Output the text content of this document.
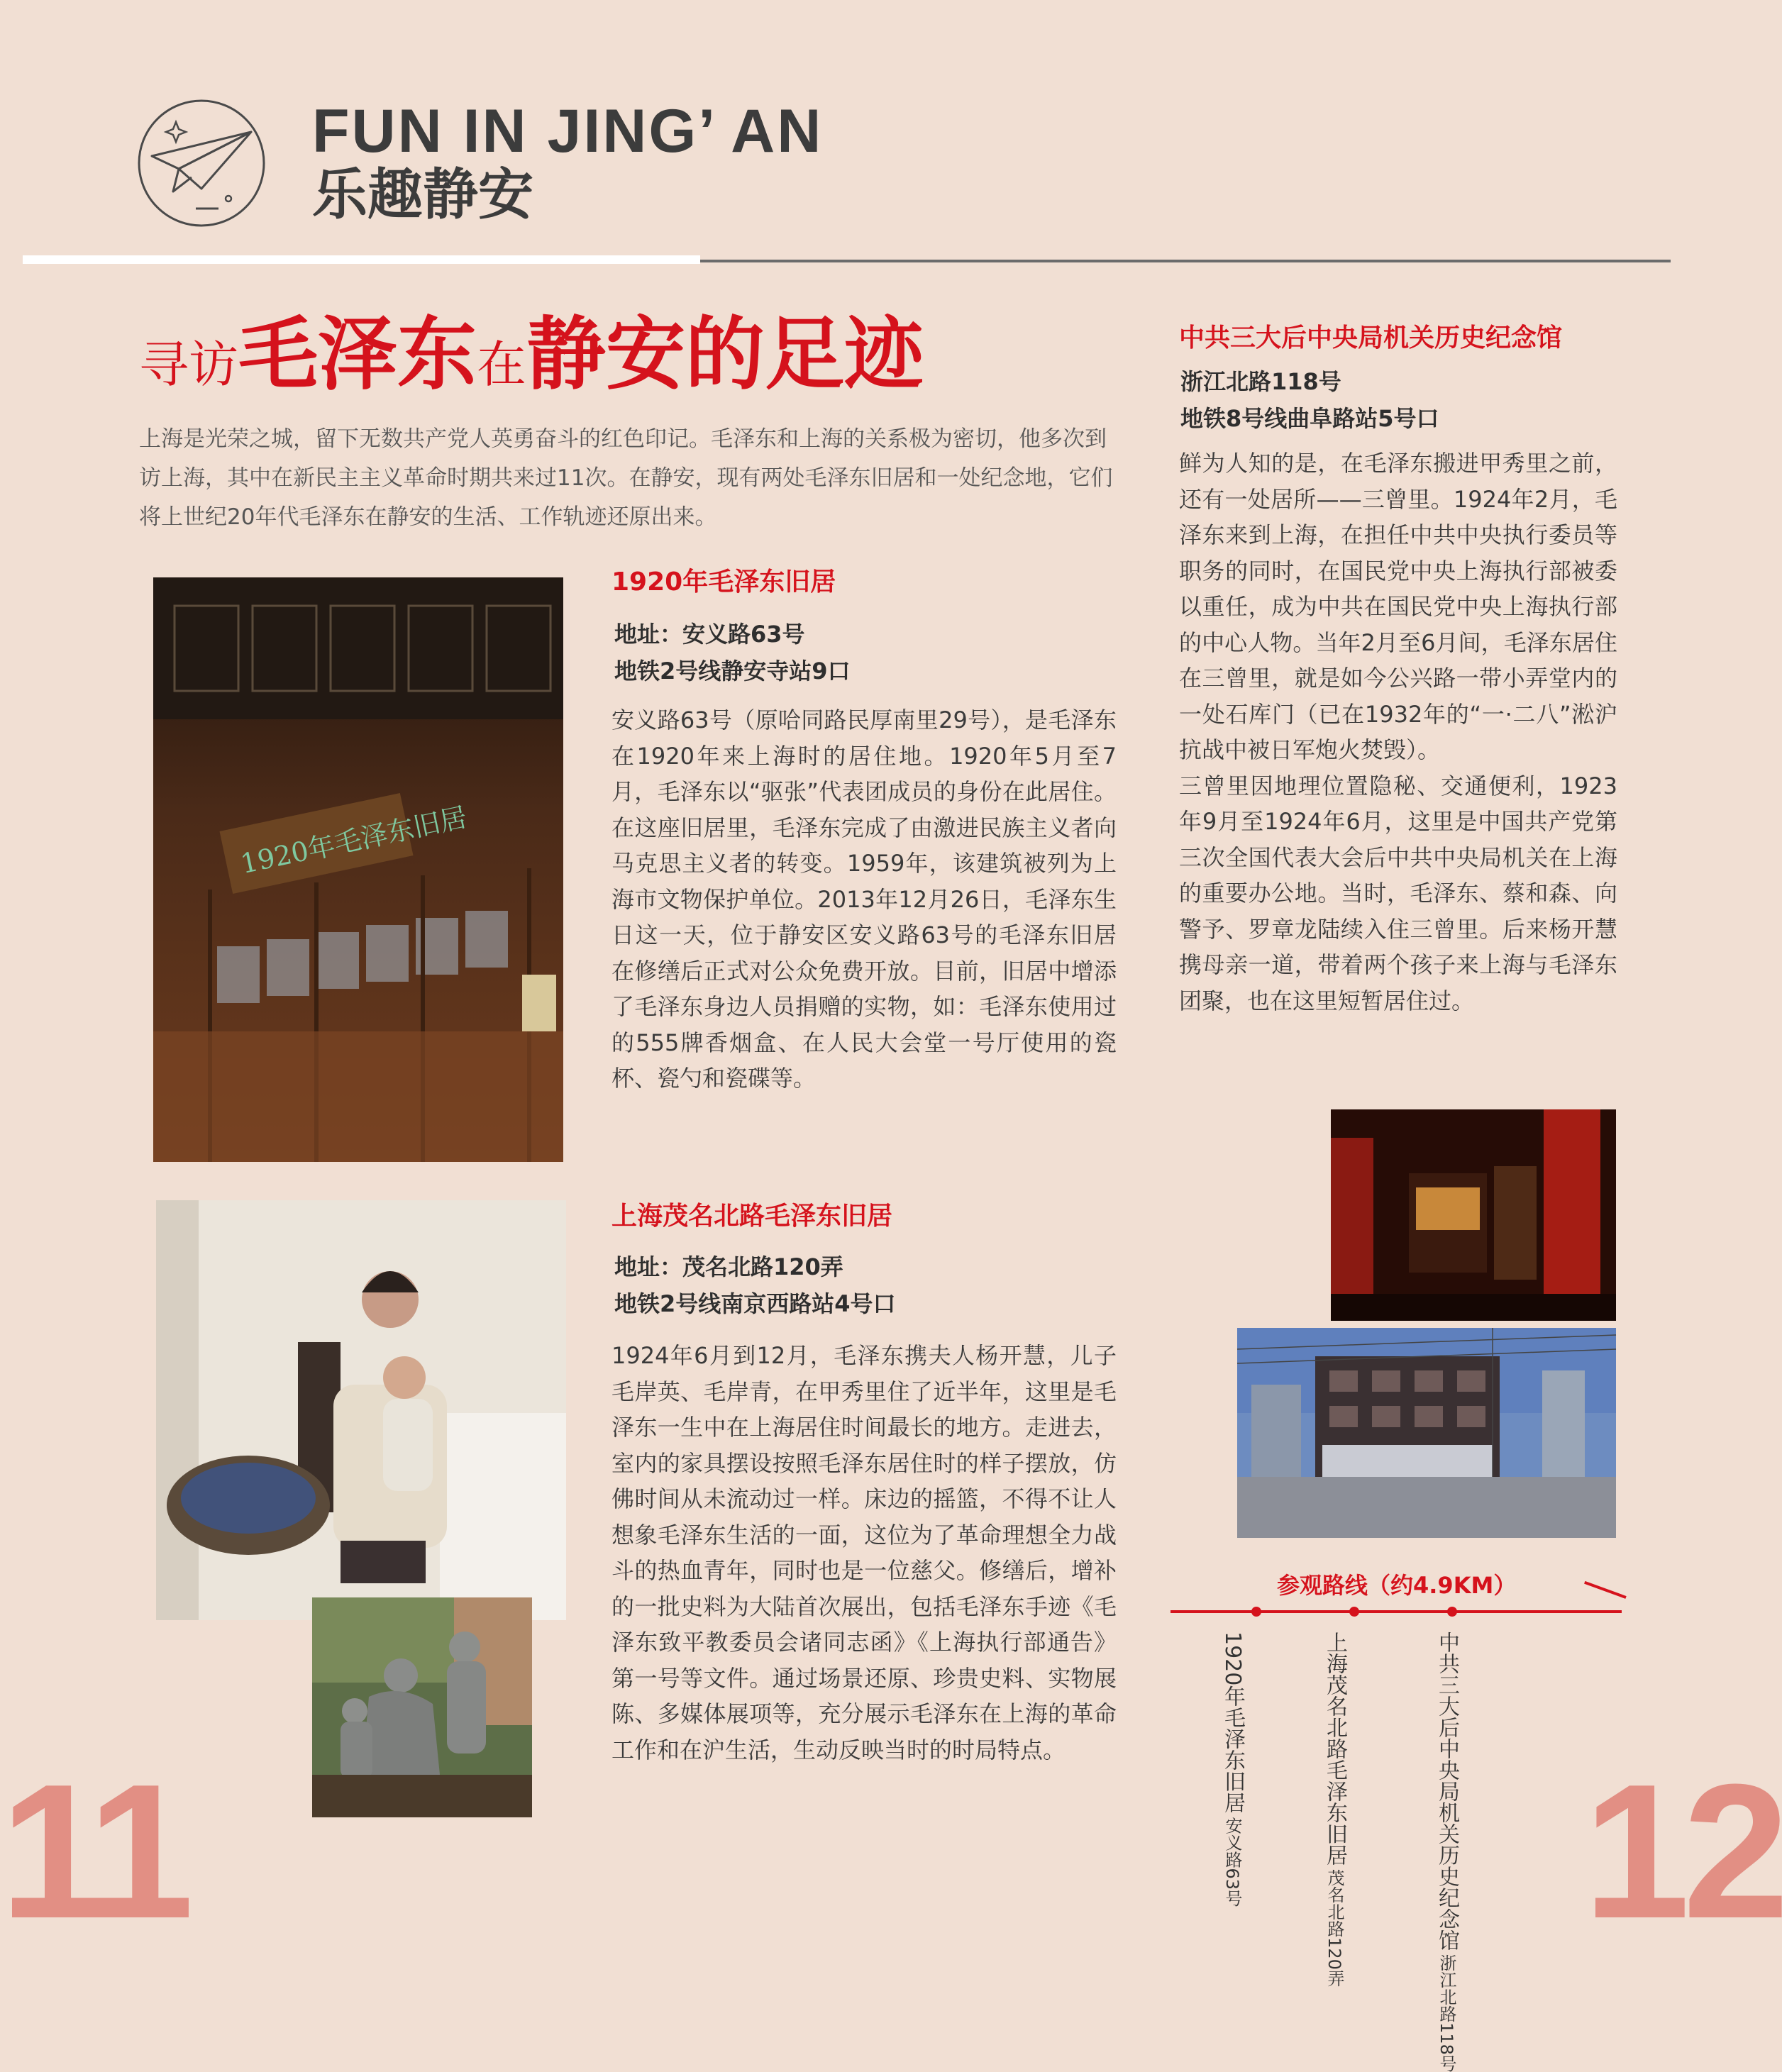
FUN IN JING’ AN
乐趣静安
寻访毛泽东在静安的足迹
上海是光荣之城，留下无数共产党人英勇奋斗的红色印记。毛泽东和上海的关系极为密切，他多次到访上海，其中在新民主主义革命时期共来过11次。在静安，现有两处毛泽东旧居和一处纪念地，它们将上世纪20年代毛泽东在静安的生活、工作轨迹还原出来。
1920年毛泽东旧居
1920年毛泽东旧居
地址：安义路63号
地铁2号线静安寺站9口
安义路63号（原哈同路民厚南里29号），是毛泽东在1920年来上海时的居住地。1920年5月至7月，毛泽东以“驱张”代表团成员的身份在此居住。在这座旧居里，毛泽东完成了由激进民族主义者向马克思主义者的转变。1959年，该建筑被列为上海市文物保护单位。2013年12月26日，毛泽东生日这一天，位于静安区安义路63号的毛泽东旧居在修缮后正式对公众免费开放。目前，旧居中增添了毛泽东身边人员捐赠的实物，如：毛泽东使用过的555牌香烟盒、在人民大会堂一号厅使用的瓷杯、瓷勺和瓷碟等。
上海茂名北路毛泽东旧居
地址：茂名北路120弄
地铁2号线南京西路站4号口
1924年6月到12月，毛泽东携夫人杨开慧，儿子毛岸英、毛岸青，在甲秀里住了近半年，这里是毛泽东一生中在上海居住时间最长的地方。走进去，室内的家具摆设按照毛泽东居住时的样子摆放，仿佛时间从未流动过一样。床边的摇篮，不得不让人想象毛泽东生活的一面，这位为了革命理想全力战斗的热血青年，同时也是一位慈父。修缮后，增补的一批史料为大陆首次展出，包括毛泽东手迹《毛泽东致平教委员会诸同志函》《上海执行部通告》第一号等文件。通过场景还原、珍贵史料、实物展陈、多媒体展项等，充分展示毛泽东在上海的革命工作和在沪生活，生动反映当时的时局特点。
中共三大后中央局机关历史纪念馆
浙江北路118号
地铁8号线曲阜路站5号口
鲜为人知的是，在毛泽东搬进甲秀里之前，还有一处居所——三曾里。1924年2月，毛泽东来到上海，在担任中共中央执行委员等职务的同时，在国民党中央上海执行部被委以重任，成为中共在国民党中央上海执行部的中心人物。当年2月至6月间，毛泽东居住在三曾里，就是如今公兴路一带小弄堂内的一处石库门（已在1932年的“一·二八”淞沪抗战中被日军炮火焚毁）。
三曾里因地理位置隐秘、交通便利，1923年9月至1924年6月，这里是中国共产党第三次全国代表大会后中共中央局机关在上海的重要办公地。当时，毛泽东、蔡和森、向警予、罗章龙陆续入住三曾里。后来杨开慧携母亲一道，带着两个孩子来上海与毛泽东团聚，也在这里短暂居住过。
参观路线（约4.9KM）
1920年毛泽东旧居 安义路63号	上海茂名北路毛泽东旧居 茂名北路120弄	中共三大后中央局机关历史纪念馆 浙江北路118号
11	12
